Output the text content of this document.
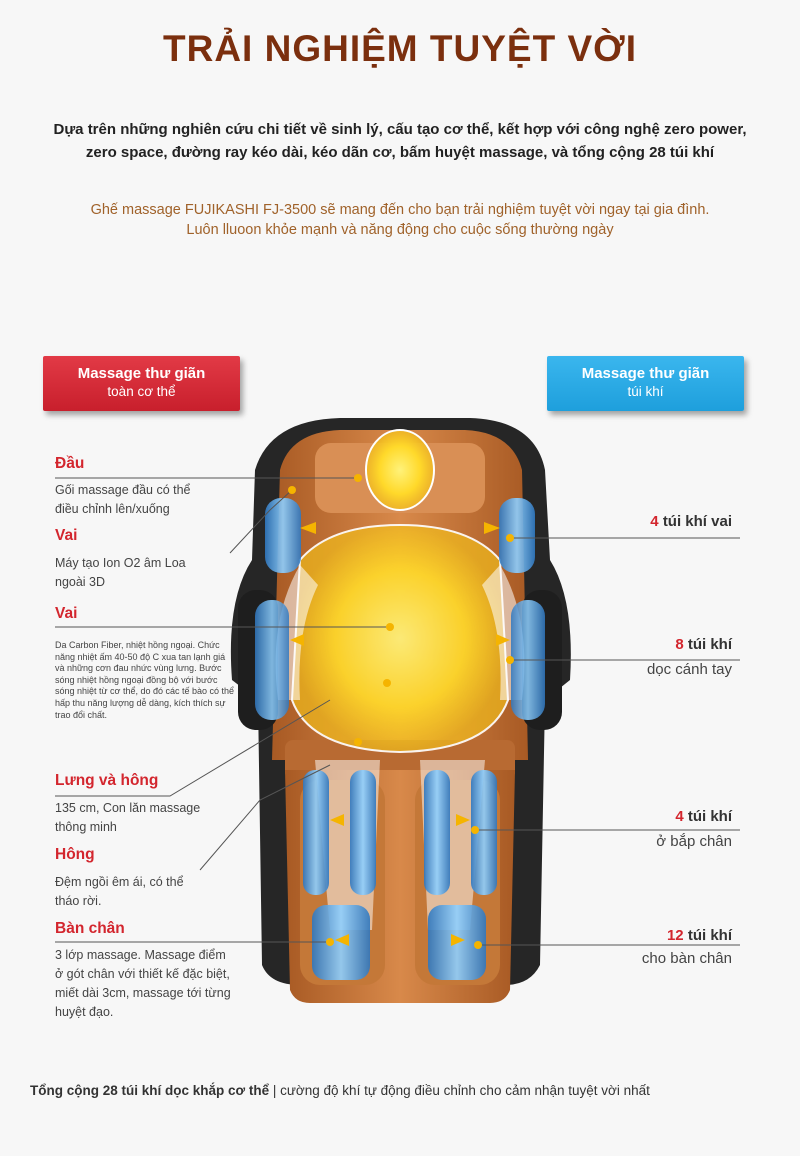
TRẢI NGHIỆM TUYỆT VỜI
Dựa trên những nghiên cứu chi tiết về sinh lý, cấu tạo cơ thể, kết hợp với công nghệ zero power, zero space, đường ray kéo dài, kéo dãn cơ, bấm huyệt massage, và tổng cộng 28 túi khí
Ghế massage FUJIKASHI FJ-3500 sẽ mang đến cho bạn trải nghiệm tuyệt vời ngay tại gia đình.
Luôn lluoon khỏe mạnh và năng động cho cuộc sống thường ngày
Massage thư giãn
toàn cơ thể
Massage thư giãn
túi khí
Đầu
Gối massage đầu có thể điều chỉnh lên/xuống
Vai
Máy tạo Ion O2 âm Loa ngoài 3D
Vai
Da Carbon Fiber, nhiệt hồng ngoại. Chức năng nhiệt ấm 40-50 độ C xua tan lạnh giá và những cơn đau nhức vùng lưng. Bước sóng nhiệt hồng ngoại đồng bộ với bước sóng nhiệt từ cơ thể, do đó các tế bào có thể hấp thu năng lượng dễ dàng, kích thích sự trao đổi chất.
Lưng và hông
135 cm, Con lăn massage thông minh
Hông
Đệm ngồi êm ái, có thể tháo rời.
Bàn chân
3 lớp massage. Massage điểm ở gót chân với thiết kế đặc biệt, miết dài 3cm, massage tới từng huyệt đạo.
4 túi khí vai
8 túi khí
dọc cánh tay
4 túi khí
ở bắp chân
12 túi khí
cho bàn chân
Tổng cộng 28 túi khí dọc khắp cơ thể | cường độ khí tự động điều chỉnh cho cảm nhận tuyệt vời nhất
